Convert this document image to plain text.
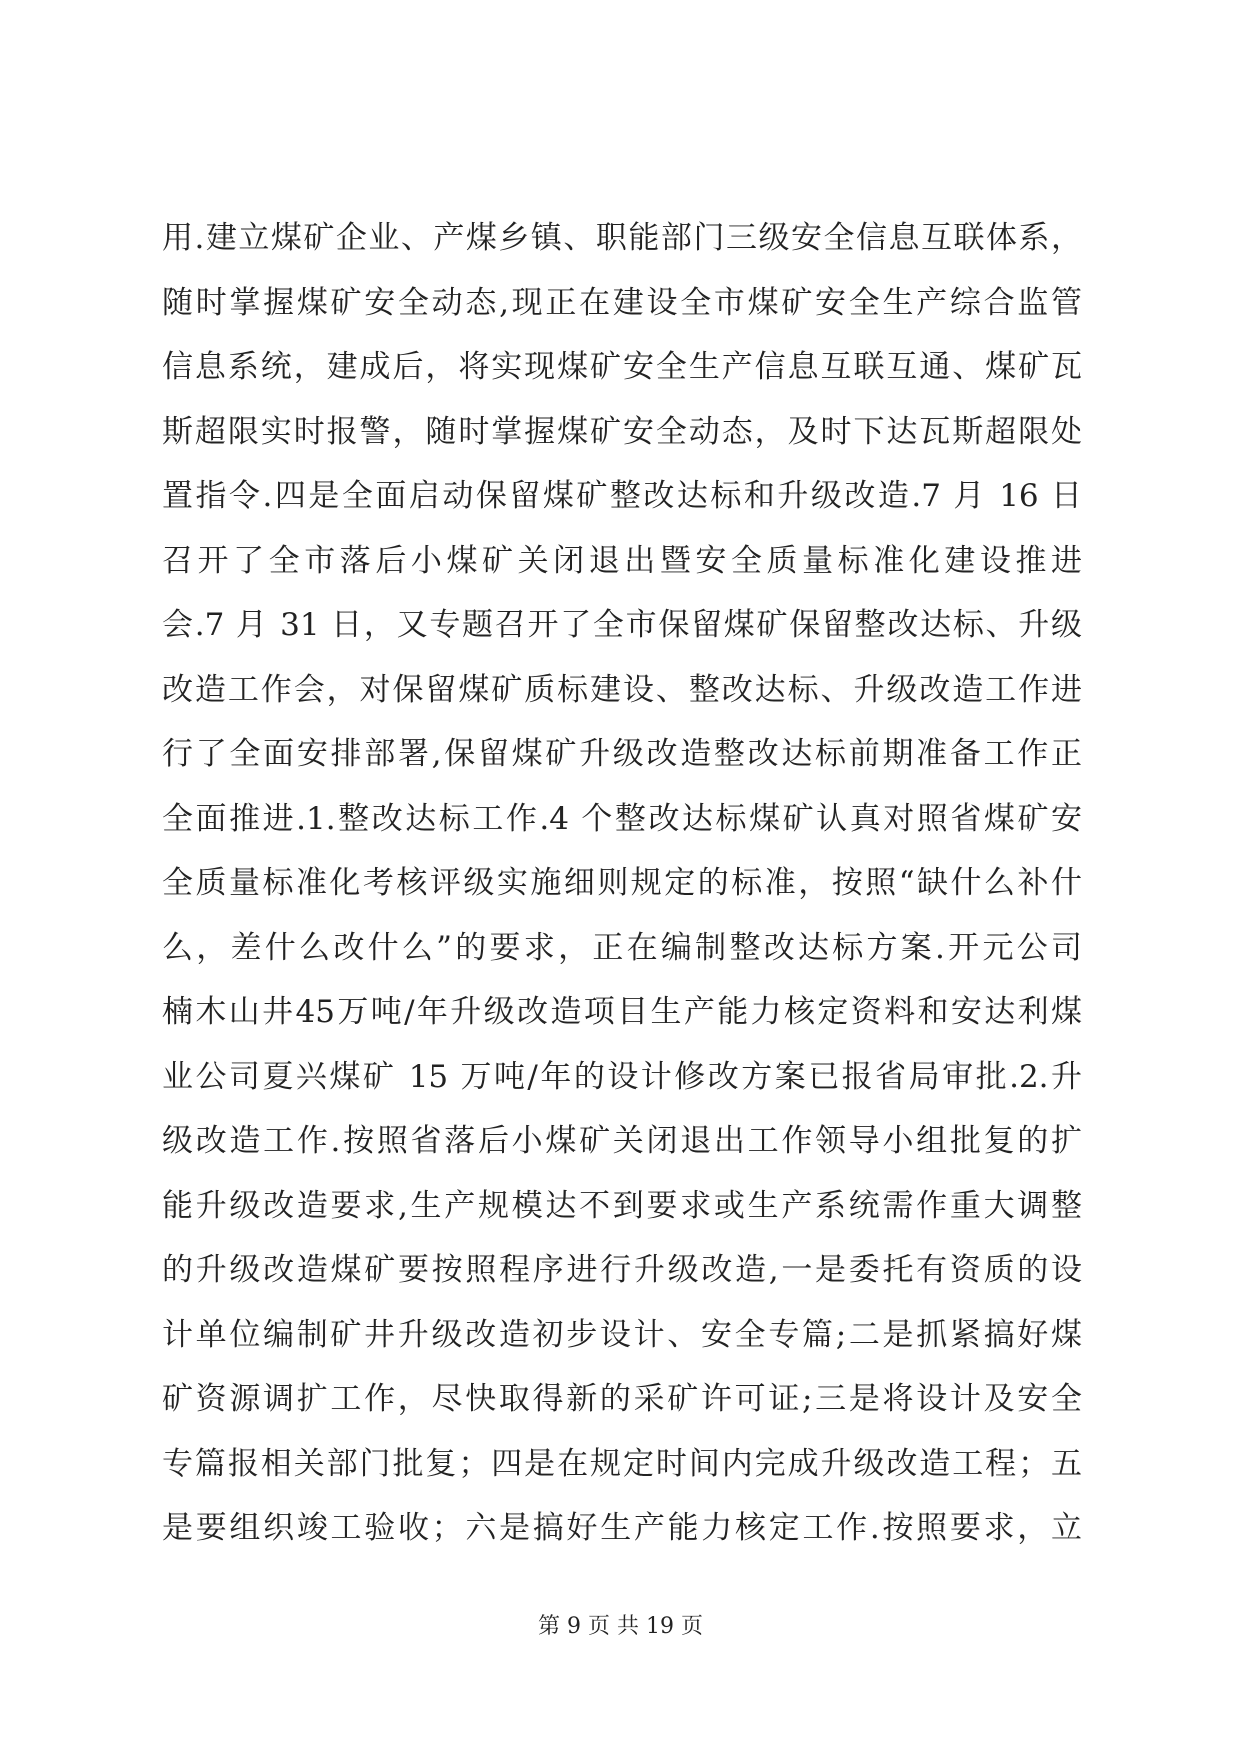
用.建立煤矿企业、产煤乡镇、职能部门三级安全信息互联体系，
随时掌握煤矿安全动态,现正在建设全市煤矿安全生产综合监管
信息系统，建成后，将实现煤矿安全生产信息互联互通、煤矿瓦
斯超限实时报警，随时掌握煤矿安全动态，及时下达瓦斯超限处
置指令.四是全面启动保留煤矿整改达标和升级改造.7 月 16 日
召开了全市落后小煤矿关闭退出暨安全质量标准化建设推进
会.7 月 31 日，又专题召开了全市保留煤矿保留整改达标、升级
改造工作会，对保留煤矿质标建设、整改达标、升级改造工作进
行了全面安排部署,保留煤矿升级改造整改达标前期准备工作正
全面推进.1.整改达标工作.4 个整改达标煤矿认真对照省煤矿安
全质量标准化考核评级实施细则规定的标准，按照“缺什么补什
么，差什么改什么”的要求，正在编制整改达标方案.开元公司
楠木山井45万吨/年升级改造项目生产能力核定资料和安达利煤
业公司夏兴煤矿 15 万吨/年的设计修改方案已报省局审批.2.升
级改造工作.按照省落后小煤矿关闭退出工作领导小组批复的扩
能升级改造要求,生产规模达不到要求或生产系统需作重大调整
的升级改造煤矿要按照程序进行升级改造,一是委托有资质的设
计单位编制矿井升级改造初步设计、安全专篇;二是抓紧搞好煤
矿资源调扩工作，尽快取得新的采矿许可证;三是将设计及安全
专篇报相关部门批复；四是在规定时间内完成升级改造工程；五
是要组织竣工验收；六是搞好生产能力核定工作.按照要求，立
第 9 页 共 19 页
